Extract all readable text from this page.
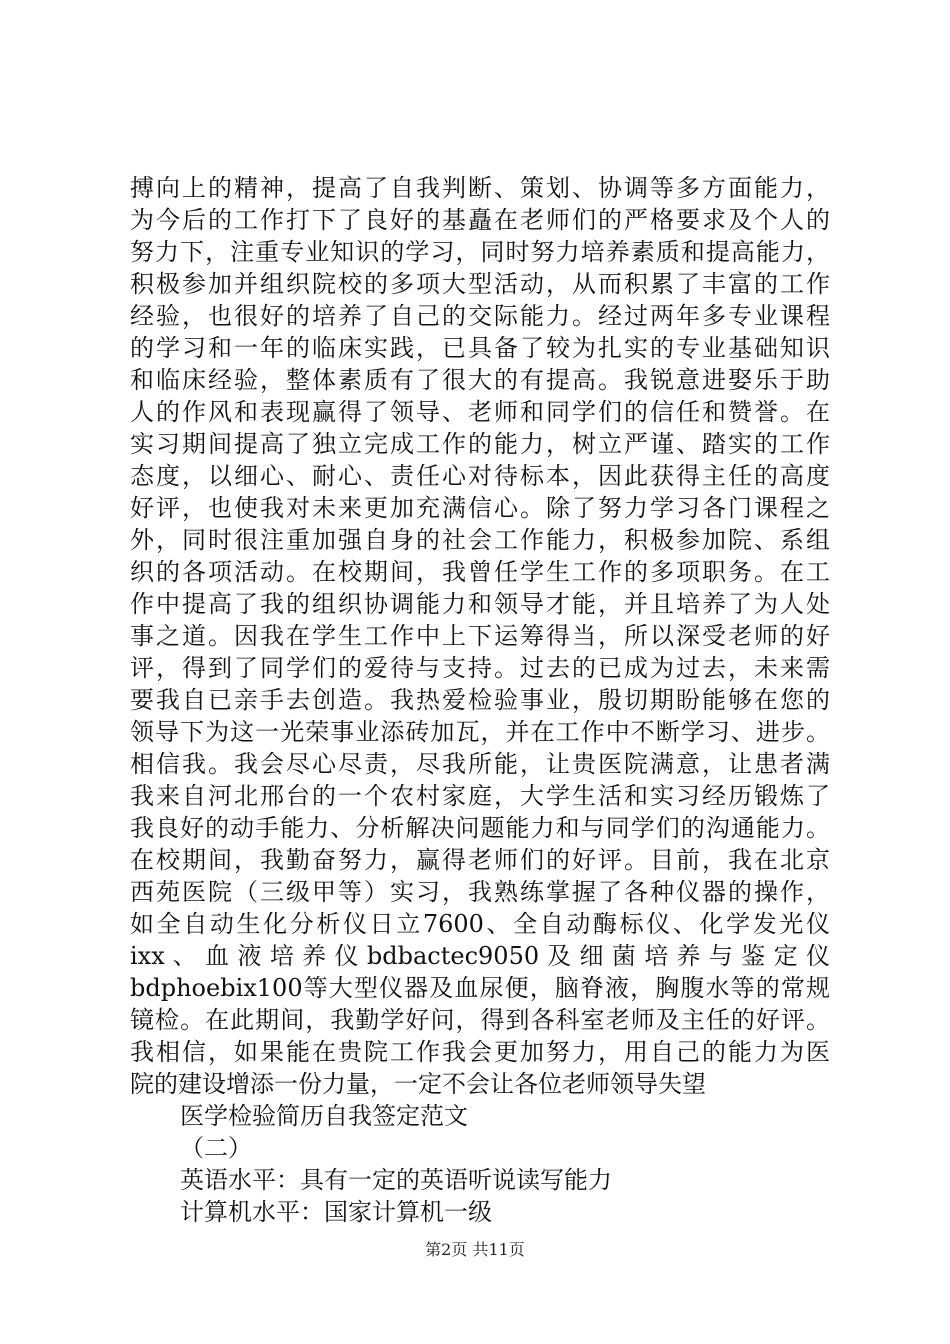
搏向上的精神，提高了自我判断、策划、协调等多方面能力，
为今后的工作打下了良好的基矗在老师们的严格要求及个人的
努力下，注重专业知识的学习，同时努力培养素质和提高能力，
积极参加并组织院校的多项大型活动，从而积累了丰富的工作
经验，也很好的培养了自己的交际能力。经过两年多专业课程
的学习和一年的临床实践，已具备了较为扎实的专业基础知识
和临床经验，整体素质有了很大的有提高。我锐意进娶乐于助
人的作风和表现赢得了领导、老师和同学们的信任和赞誉。在
实习期间提高了独立完成工作的能力，树立严谨、踏实的工作
态度，以细心、耐心、责任心对待标本，因此获得主任的高度
好评，也使我对未来更加充满信心。除了努力学习各门课程之
外，同时很注重加强自身的社会工作能力，积极参加院、系组
织的各项活动。在校期间，我曾任学生工作的多项职务。在工
作中提高了我的组织协调能力和领导才能，并且培养了为人处
事之道。因我在学生工作中上下运筹得当，所以深受老师的好
评，得到了同学们的爱待与支持。过去的已成为过去，未来需
要我自已亲手去创造。我热爱检验事业，殷切期盼能够在您的
领导下为这一光荣事业添砖加瓦，并在工作中不断学习、进步。
相信我。我会尽心尽责，尽我所能，让贵医院满意，让患者满
我来自河北邢台的一个农村家庭，大学生活和实习经历锻炼了
我良好的动手能力、分析解决问题能力和与同学们的沟通能力。
在校期间，我勤奋努力，赢得老师们的好评。目前，我在北京
西苑医院（三级甲等）实习，我熟练掌握了各种仪器的操作，
如全自动生化分析仪日立7600、全自动酶标仪、化学发光仪
ixx 、 血 液 培 养 仪 bdbactec9050 及 细 菌 培 养 与 鉴 定 仪
bdphoebix100等大型仪器及血尿便，脑脊液，胸腹水等的常规
镜检。在此期间，我勤学好问，得到各科室老师及主任的好评。
我相信，如果能在贵院工作我会更加努力，用自己的能力为医
院的建设增添一份力量，一定不会让各位老师领导失望
医学检验简历自我签定范文
（二）
英语水平：具有一定的英语听说读写能力
计算机水平：国家计算机一级
第2页 共11页
